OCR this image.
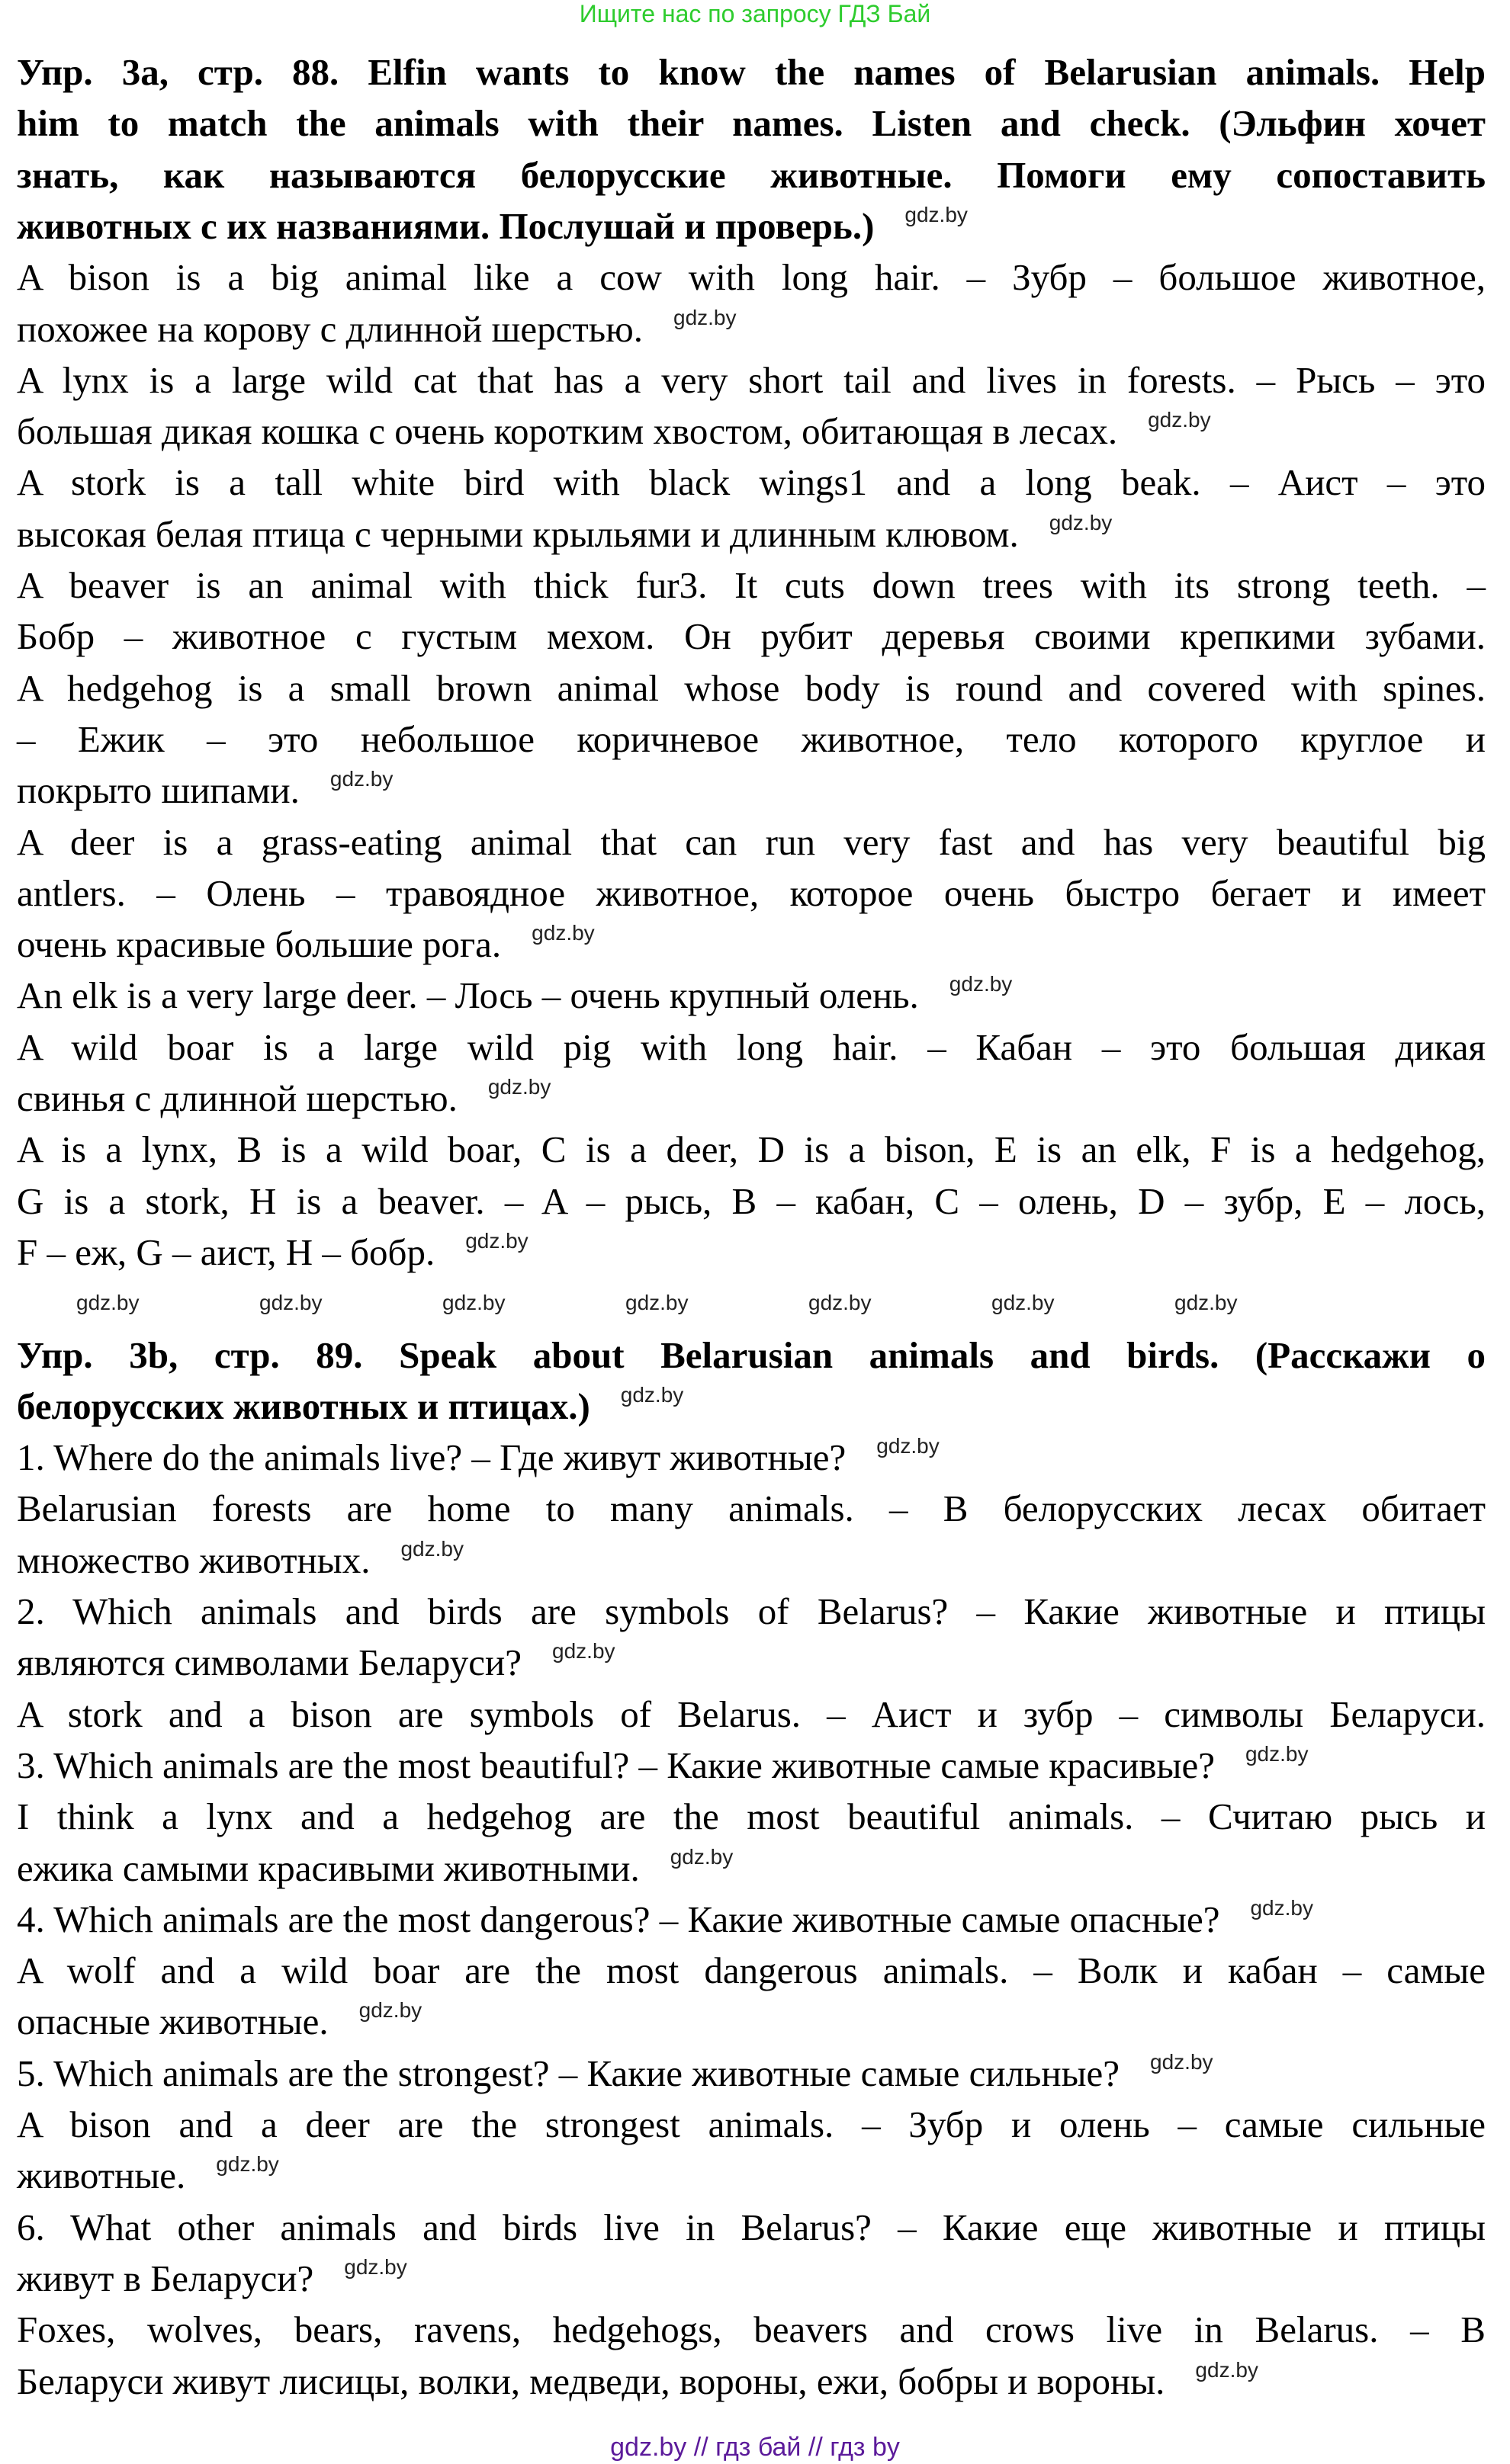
Ищите нас по запросу ГДЗ Бай
Упр. 3a, стр. 88. Elfin wants to know the names of Belarusian animals. Help
him to match the animals with their names. Listen and check. (Эльфин хочет
знать, как называются белорусские животные. Помоги ему сопоставить
животных с их названиями. Послушай и проверь.)
A bison is a big animal like a cow with long hair. – Зубр – большое животное,
похожее на корову с длинной шерстью.
A lynx is a large wild cat that has a very short tail and lives in forests. – Рысь – это
большая дикая кошка с очень коротким хвостом, обитающая в лесах.
A stork is a tall white bird with black wings1 and a long beak. – Аист – это
высокая белая птица с черными крыльями и длинным клювом.
A beaver is an animal with thick fur3. It cuts down trees with its strong teeth. –
Бобр – животное с густым мехом. Он рубит деревья своими крепкими зубами.
A hedgehog is a small brown animal whose body is round and covered with spines.
– Ежик – это небольшое коричневое животное, тело которого круглое и
покрыто шипами.
A deer is a grass-eating animal that can run very fast and has very beautiful big
antlers. – Олень – травоядное животное, которое очень быстро бегает и имеет
очень красивые большие рога.
An elk is a very large deer. – Лось – очень крупный олень.
A wild boar is a large wild pig with long hair. – Кабан – это большая дикая
свинья с длинной шерстью.
A is a lynx, B is a wild boar, C is a deer, D is a bison, E is an elk, F is a hedgehog,
G is a stork, H is a beaver. – A – рысь, B – кабан, C – олень, D – зубр, E – лось,
F – еж, G – аист, H – бобр.
Упр. 3b, стр. 89. Speak about Belarusian animals and birds. (Расскажи о
белорусских животных и птицах.)
1. Where do the animals live? – Где живут животные?
Belarusian forests are home to many animals. – В белорусских лесах обитает
множество животных.
2. Which animals and birds are symbols of Belarus? – Какие животные и птицы
являются символами Беларуси?
A stork and a bison are symbols of Belarus. – Аист и зубр – символы Беларуси.
3. Which animals are the most beautiful? – Какие животные самые красивые?
I think a lynx and a hedgehog are the most beautiful animals. – Считаю рысь и
ежика самыми красивыми животными.
4. Which animals are the most dangerous? – Какие животные самые опасные?
A wolf and a wild boar are the most dangerous animals. – Волк и кабан – самые
опасные животные.
5. Which animals are the strongest? – Какие животные самые сильные?
A bison and a deer are the strongest animals. – Зубр и олень – самые сильные
животные.
6. What other animals and birds live in Belarus? – Какие еще животные и птицы
живут в Беларуси?
Foxes, wolves, bears, ravens, hedgehogs, beavers and crows live in Belarus. – В
Беларуси живут лисицы, волки, медведи, вороны, ежи, бобры и вороны.
gdz.by
gdz.by
gdz.by
gdz.by
gdz.by
gdz.by
gdz.by
gdz.by
gdz.by
gdz.by
gdz.by
gdz.by
gdz.by
gdz.by
gdz.by
gdz.by
gdz.by
gdz.by
gdz.by
gdz.by
gdz.by
gdz.by	gdz.by	gdz.by	gdz.by	gdz.by	gdz.by	gdz.by
gdz.by // гдз бай // гдз by
